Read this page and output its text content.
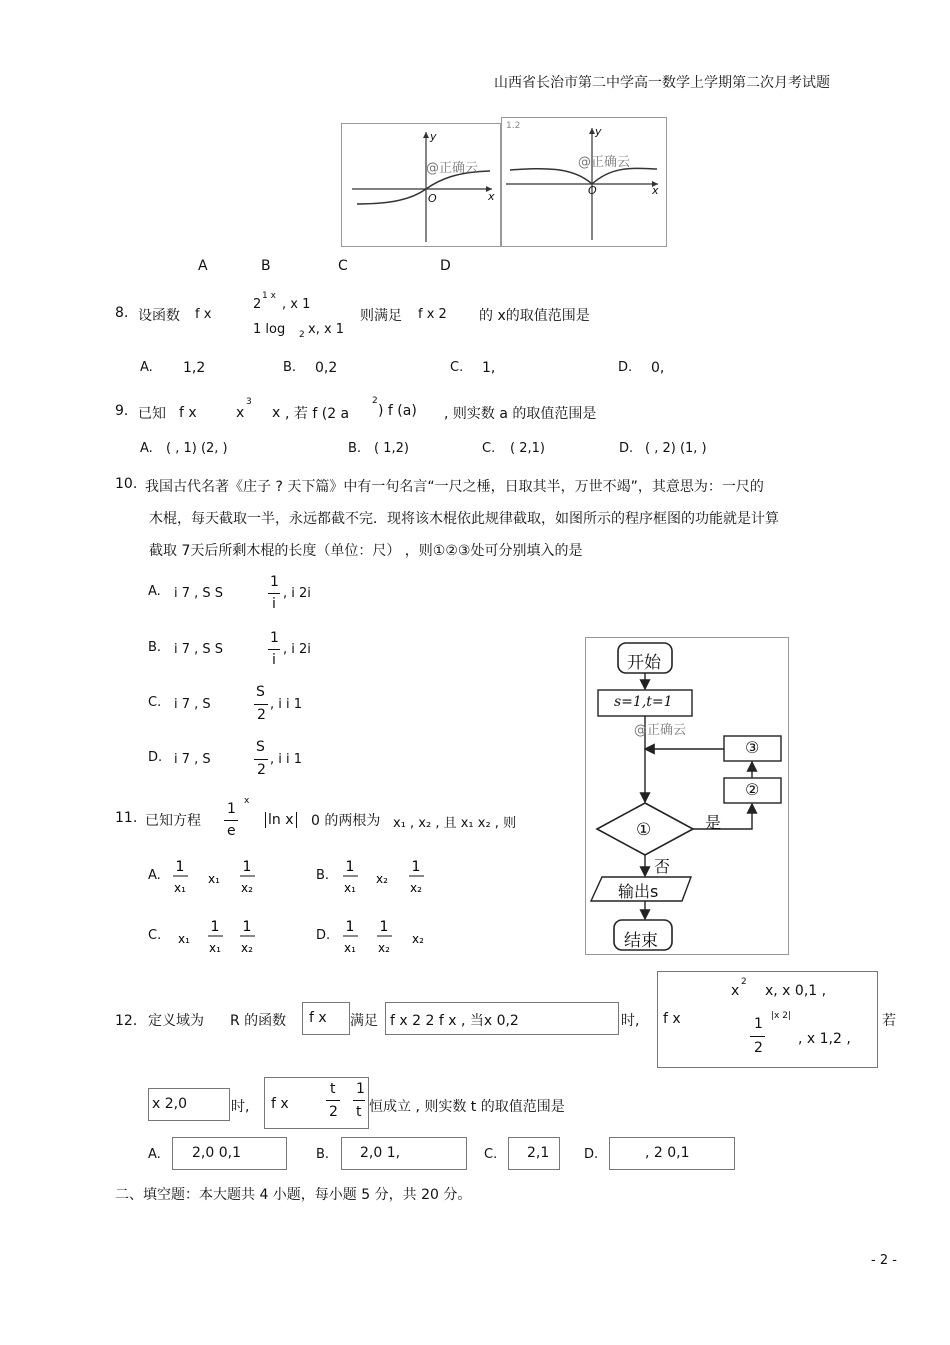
山西省长治市第二中学高一数学上学期第二次月考试题
y
x
O
@正确云
1.2	y
x
O
@正确云
A	B	C	D
8. 设函数 f x
2
1 x
, x 1
1 log 2 x, x 1
则满足 f x 2 的 x的取值范围是
A. 1,2	B. 0,2	C. 1,	D. 0,
9. 已知 f x	x
3
x , 若 f (2 a
2
) f (a) , 则实数 a 的取值范围是
A. ( , 1) (2, )	B. ( 1,2)	C. ( 2,1)	D. ( , 2) (1, )
10. 我国古代名著《庄子 ? 天下篇》中有一句名言“一尺之棰，日取其半，万世不竭”，其意思为：一尺的
木棍，每天截取一半，永远都截不完．现将该木棍依此规律截取，如图所示的程序框图的功能就是计算
截取 7天后所剩木棍的长度（单位：尺） ，则①②③处可分别填入的是
A. i 7 , S S
1
i
, i 2i
B. i 7 , S S
1
i
, i 2i
C. i 7 , S
S
2
, i i 1
D. i 7 , S
S
2
, i i 1
开始
s=1,t=1
@正确云
③
②
①	是
否
输出s
结束
11. 已知方程
1
e
x
ln x 0 的两根为 x₁ , x₂ , 且 x₁ x₂ , 则
A.
1
x₁
x₁
1
x₂
B.
1
x₁
x₂
1
x₂
C. x₁
1
x₁
1
x₂
D.
1
x₁
1
x₂
x₂
12． 定义域为 R 的函数 f x 满足 f x 2 2 f x , 当x 0,2	时, f x
x
2
x, x 0,1 ,
1
2
|x 2|
, x 1,2 ,
若
x 2,0	时, f x
t
2
1
t 恒成立 , 则实数 t 的取值范围是
A. 2,0 0,1	B. 2,0 1,	C. 2,1	D.	, 2 0,1
二、填空题：本大题共 4 小题，每小题 5 分，共 20 分。
- 2 -
